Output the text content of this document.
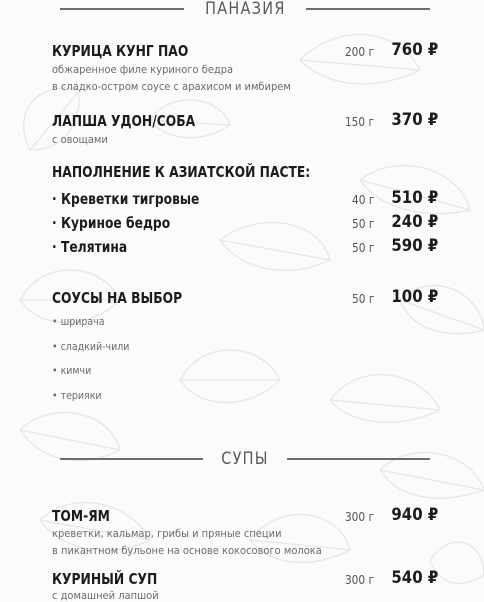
ПАНАЗИЯ
КУРИЦА КУНГ ПАО	200 г 760 ₽
обжаренное филе куриного бедра
в сладко-остром соусе с арахисом и имбирем
ЛАПША УДОН/СОБА	150 г 370 ₽
с овощами
НАПОЛНЕНИЕ К АЗИАТСКОЙ ПАСТЕ:
· Креветки тигровые	40 г 510 ₽
· Куриное бедро	50 г 240 ₽
· Телятина	50 г 590 ₽
СОУСЫ НА ВЫБОР	50 г 100 ₽
• шрирача
• сладкий-чили
• кимчи
• терияки
СУПЫ
ТОМ-ЯМ	300 г 940 ₽
креветки, кальмар, грибы и пряные специи
в пикантном бульоне на основе кокосового молока
КУРИНЫЙ СУП	300 г 540 ₽
с домашней лапшой
